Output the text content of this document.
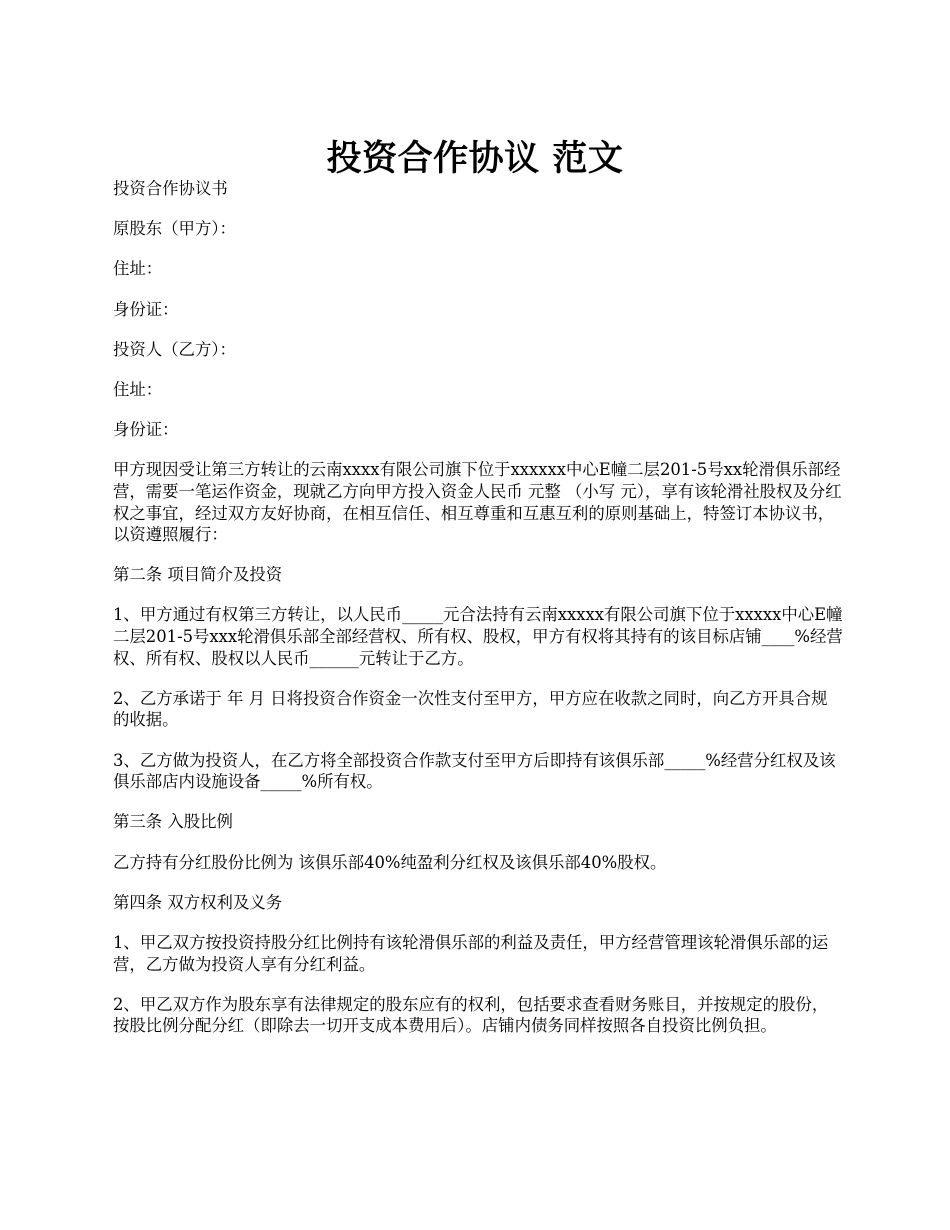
投资合作协议 范文

投资合作协议书

原股东（甲方）：

住址：

身份证：

投资人（乙方）：

住址：

身份证：

甲方现因受让第三方转让的云南xxxx有限公司旗下位于xxxxxx中心E幢二层201-5号xx轮滑俱乐部经营，需要一笔运作资金，现就乙方向甲方投入资金人民币 元整 （小写 元），享有该轮滑社股权及分红权之事宜，经过双方友好协商，在相互信任、相互尊重和互惠互利的原则基础上，特签订本协议书，以资遵照履行：

第二条 项目简介及投资

1、甲方通过有权第三方转让，以人民币_____元合法持有云南xxxxx有限公司旗下位于xxxxx中心E幢二层201-5号xxx轮滑俱乐部全部经营权、所有权、股权，甲方有权将其持有的该目标店铺____%经营权、所有权、股权以人民币______元转让于乙方。

2、乙方承诺于 年 月 日将投资合作资金一次性支付至甲方，甲方应在收款之同时，向乙方开具合规的收据。

3、乙方做为投资人，在乙方将全部投资合作款支付至甲方后即持有该俱乐部_____%经营分红权及该俱乐部店内设施设备_____%所有权。

第三条 入股比例

乙方持有分红股份比例为 该俱乐部40%纯盈利分红权及该俱乐部40%股权。

第四条 双方权利及义务

1、甲乙双方按投资持股分红比例持有该轮滑俱乐部的利益及责任，甲方经营管理该轮滑俱乐部的运营，乙方做为投资人享有分红利益。

2、甲乙双方作为股东享有法律规定的股东应有的权利，包括要求查看财务账目，并按规定的股份，按股比例分配分红（即除去一切开支成本费用后）。店铺内债务同样按照各自投资比例负担。
